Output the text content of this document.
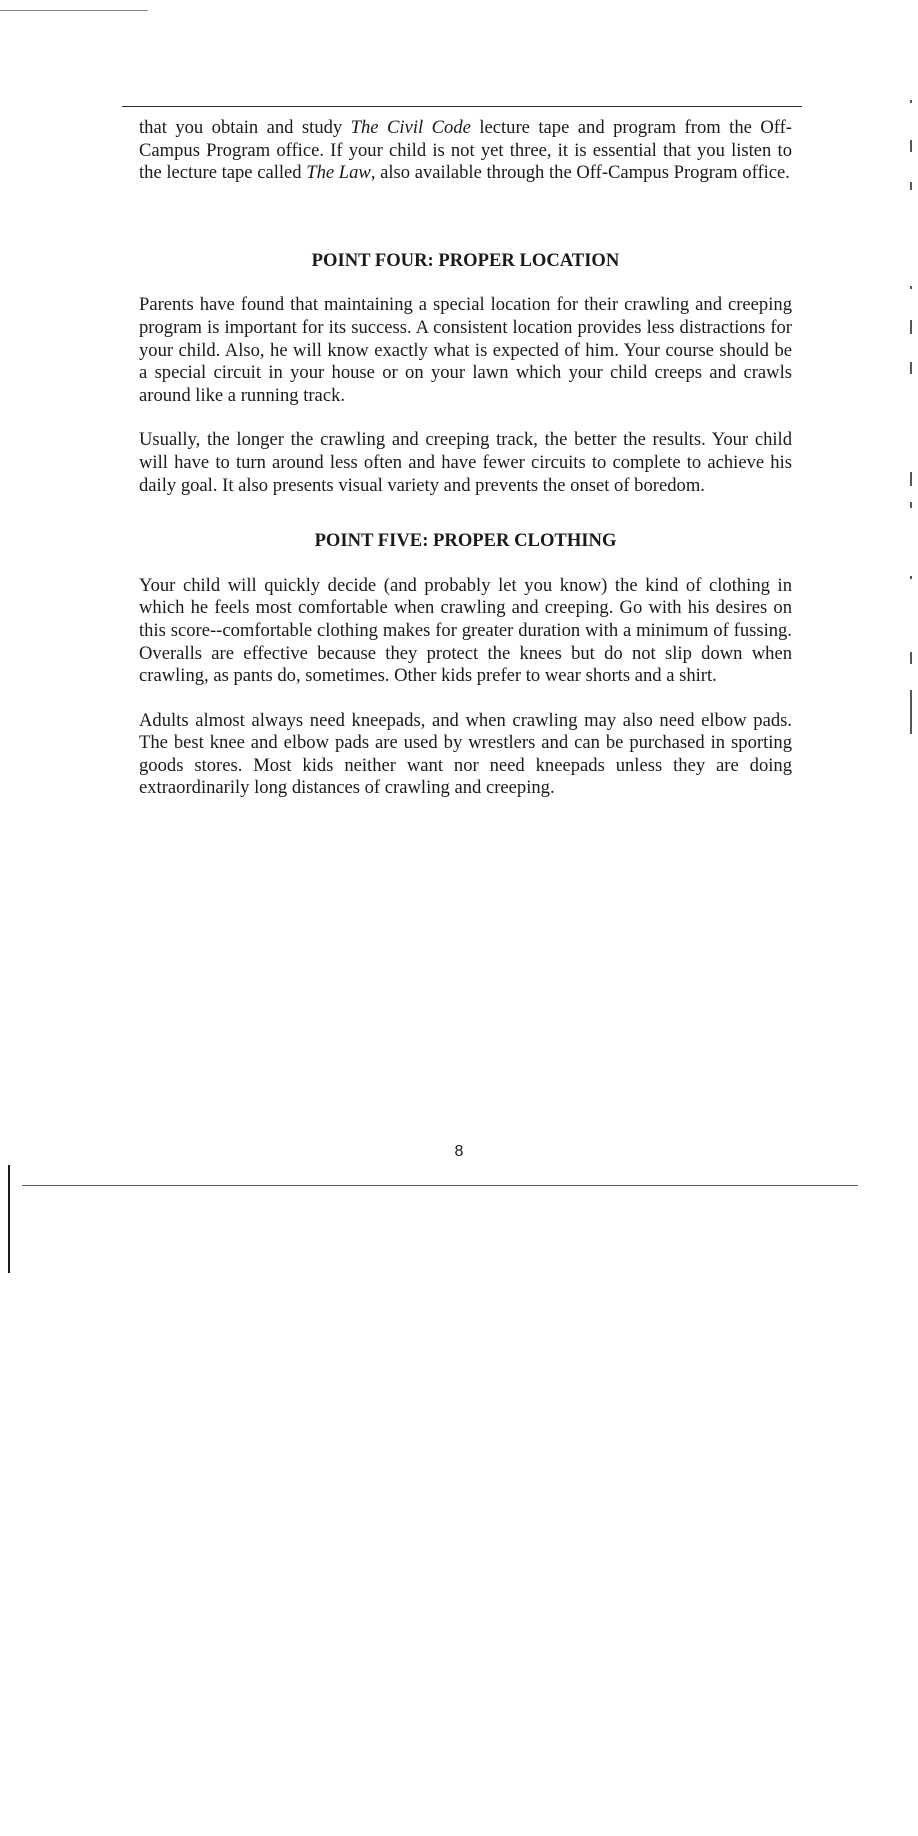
that you obtain and study The Civil Code lecture tape and program from the Off-Campus Program office. If your child is not yet three, it is essential that you listen to the lecture tape called The Law, also available through the Off-Campus Program office.

POINT FOUR: PROPER LOCATION

Parents have found that maintaining a special location for their crawling and creeping program is important for its success. A consistent location provides less distractions for your child. Also, he will know exactly what is expected of him. Your course should be a special circuit in your house or on your lawn which your child creeps and crawls around like a running track.

Usually, the longer the crawling and creeping track, the better the results. Your child will have to turn around less often and have fewer circuits to complete to achieve his daily goal. It also presents visual variety and prevents the onset of boredom.

POINT FIVE: PROPER CLOTHING

Your child will quickly decide (and probably let you know) the kind of clothing in which he feels most comfortable when crawling and creeping. Go with his desires on this score--comfortable clothing makes for greater duration with a minimum of fussing. Overalls are effective because they protect the knees but do not slip down when crawling, as pants do, sometimes. Other kids prefer to wear shorts and a shirt.

Adults almost always need kneepads, and when crawling may also need elbow pads. The best knee and elbow pads are used by wrestlers and can be purchased in sporting goods stores. Most kids neither want nor need kneepads unless they are doing extraordinarily long distances of crawling and creeping.

8
